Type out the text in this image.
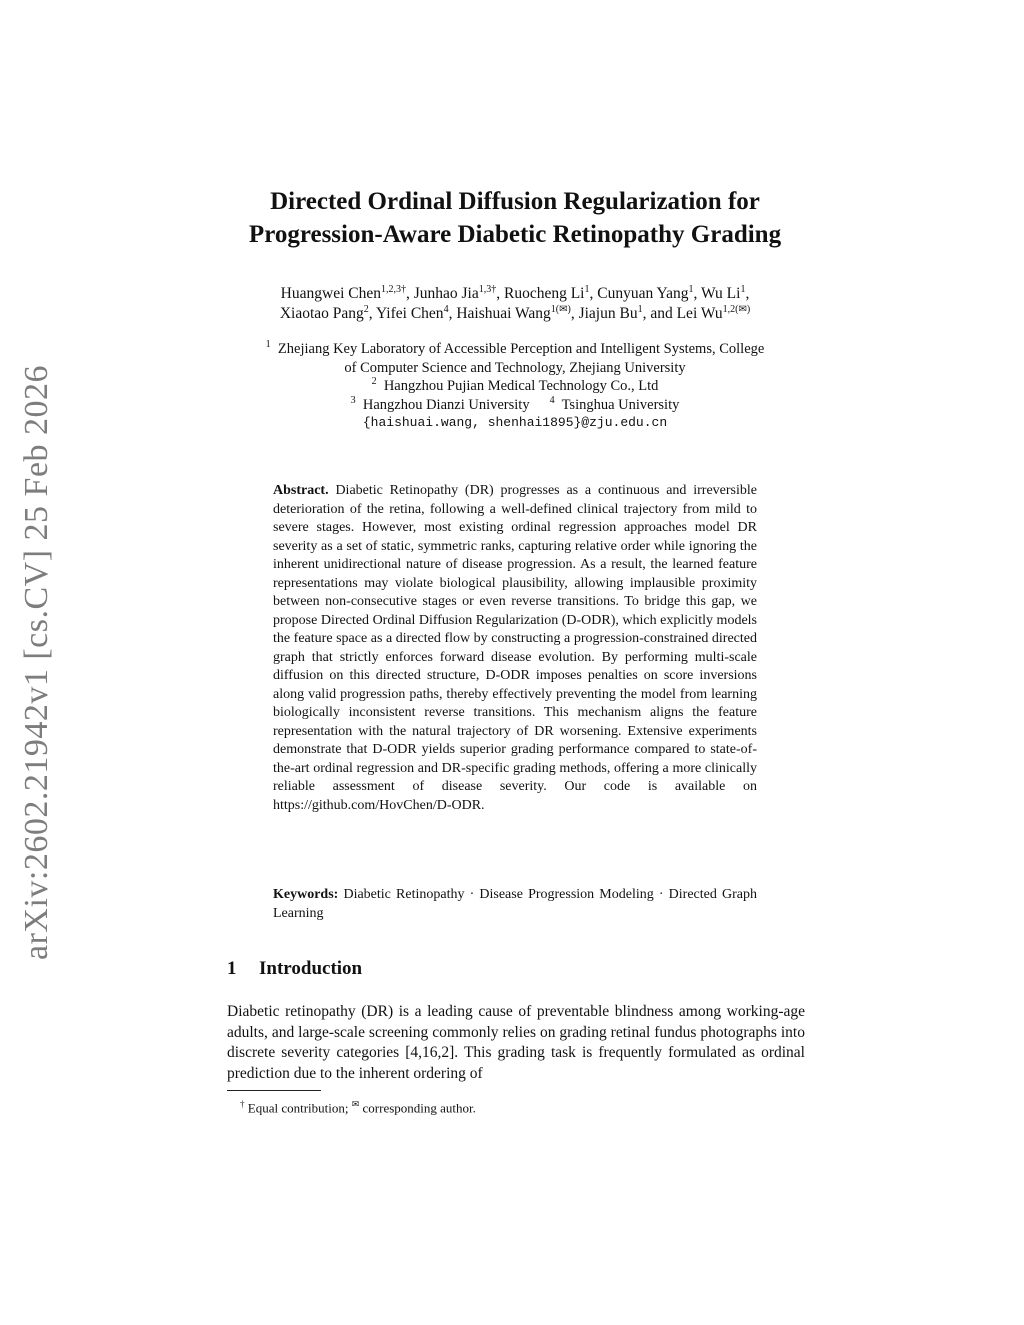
arXiv:2602.21942v1 [cs.CV] 25 Feb 2026
Directed Ordinal Diffusion Regularization for
Progression-Aware Diabetic Retinopathy Grading
Huangwei Chen$^{1,2,3\dagger}$, Junhao Jia$^{1,3\dagger}$, Ruocheng Li$^1$, Cunyuan Yang$^1$, Wu Li$^1$,
Xiaotao Pang$^2$, Yifei Chen$^4$, Haishuai Wang$^{1(✉)}$, Jiajun Bu$^1$, and Lei $Wu^{1,2(✉)}$
$^1$ Zhejiang Key Laboratory of Accessible Perception and Intelligent Systems, College
of Computer Science and Technology, Zhejiang University
$^2$ Hangzhou Pujian Medical Technology Co., Ltd
$^3$ Hangzhou Dianzi University $^4$ Tsinghua University
{haishuai.wang, shenhai1895}@zju.edu.cn
Abstract. Diabetic Retinopathy (DR) progresses as a continuous and irreversible deterioration of the retina, following a well-defined clinical trajectory from mild to severe stages. However, most existing ordinal regression approaches model DR severity as a set of static, symmetric ranks, capturing relative order while ignoring the inherent unidirectional nature of disease progression. As a result, the learned feature representations may violate biological plausibility, allowing implausible proximity between non-consecutive stages or even reverse transitions. To bridge this gap, we propose Directed Ordinal Diffusion Regularization (D-ODR), which explicitly models the feature space as a directed flow by constructing a progression-constrained directed graph that strictly enforces forward disease evolution. By performing multi-scale diffusion on this directed structure, D-ODR imposes penalties on score inversions along valid progression paths, thereby effectively preventing the model from learning biologically inconsistent reverse transitions. This mechanism aligns the feature representation with the natural trajectory of DR worsening. Extensive experiments demonstrate that D-ODR yields superior grading performance compared to state-of-the-art ordinal regression and DR-specific grading methods, offering a more clinically reliable assessment of disease severity. Our code is available on https://github.com/HovChen/D-ODR.
Keywords: Diabetic Retinopathy · Disease Progression Modeling · Directed Graph Learning
1 Introduction
Diabetic retinopathy (DR) is a leading cause of preventable blindness among working-age adults, and large-scale screening commonly relies on grading retinal fundus photographs into discrete severity categories [4,16,2]. This grading task is frequently formulated as ordinal prediction due to the inherent ordering of
† Equal contribution; ✉ corresponding author.
